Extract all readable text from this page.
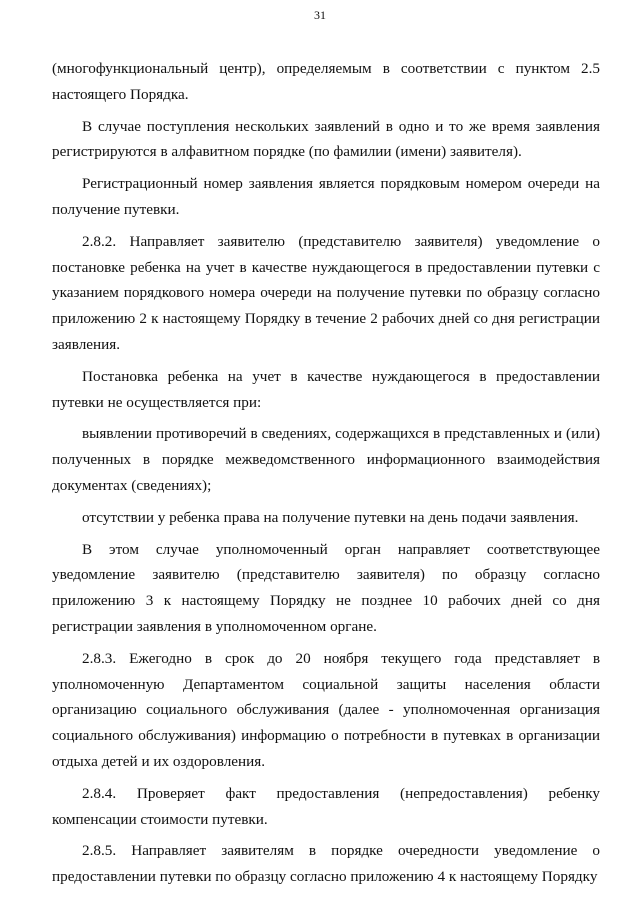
31

(многофункциональный центр), определяемым в соответствии с пунктом 2.5 настоящего Порядка.

В случае поступления нескольких заявлений в одно и то же время заявления регистрируются в алфавитном порядке (по фамилии (имени) заявителя).

Регистрационный номер заявления является порядковым номером очереди на получение путевки.

2.8.2. Направляет заявителю (представителю заявителя) уведомление о постановке ребенка на учет в качестве нуждающегося в предоставлении путевки с указанием порядкового номера очереди на получение путевки по образцу согласно приложению 2 к настоящему Порядку в течение 2 рабочих дней со дня регистрации заявления.

Постановка ребенка на учет в качестве нуждающегося в предоставлении путевки не осуществляется при:

выявлении противоречий в сведениях, содержащихся в представленных и (или) полученных в порядке межведомственного информационного взаимодействия документах (сведениях);

отсутствии у ребенка права на получение путевки на день подачи заявления.

В этом случае уполномоченный орган направляет соответствующее уведомление заявителю (представителю заявителя) по образцу согласно приложению 3 к настоящему Порядку не позднее 10 рабочих дней со дня регистрации заявления в уполномоченном органе.

2.8.3. Ежегодно в срок до 20 ноября текущего года представляет в уполномоченную Департаментом социальной защиты населения области организацию социального обслуживания (далее - уполномоченная организация социального обслуживания) информацию о потребности в путевках в организации отдыха детей и их оздоровления.

2.8.4. Проверяет факт предоставления (непредоставления) ребенку компенсации стоимости путевки.

2.8.5. Направляет заявителям в порядке очередности уведомление о предоставлении путевки по образцу согласно приложению 4 к настоящему Порядку
